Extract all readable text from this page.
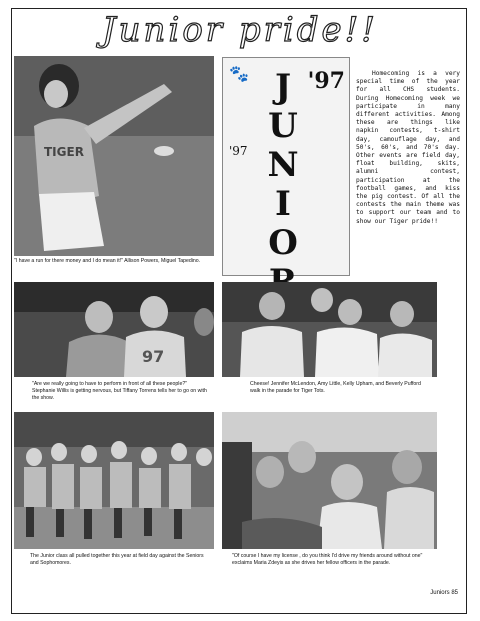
Junior pride!!
TIGER
"I have a run for there money and I do mean it!" Allison Powers, Miguel Tapedino.
🐾	'97
'97
J
U
N
I
O
Homecoming is a very special time of the year for all CHS students. During Homecoming week we participate in many different activities. Among these are things like napkin contests, t-shirt day, camouflage day, and 50's, 60's, and 70's day. Other events are field day, float building, skits, alumni contest, participation at the football games, and kiss the pig contest. Of all the contests the main theme was to support our team and to show our Tiger pride!!
97
"Are we really going to have to perform in front of all these people?" Stephanie Willis is getting nervous, but Tiffany Torrens tells her to go on with the show.
Cheese! Jennifer McLendon, Amy Little, Kelly Upham, and Beverly Pufford walk in the parade for Tiger Tots.
The Junior class all pulled together this year at field day against the Seniors and Sophomores.
"Of course I have my license , do you think I'd drive my friends around without one" exclaims Maria Zdeyis as she drives her fellow officers in the parade.
Juniors 85
